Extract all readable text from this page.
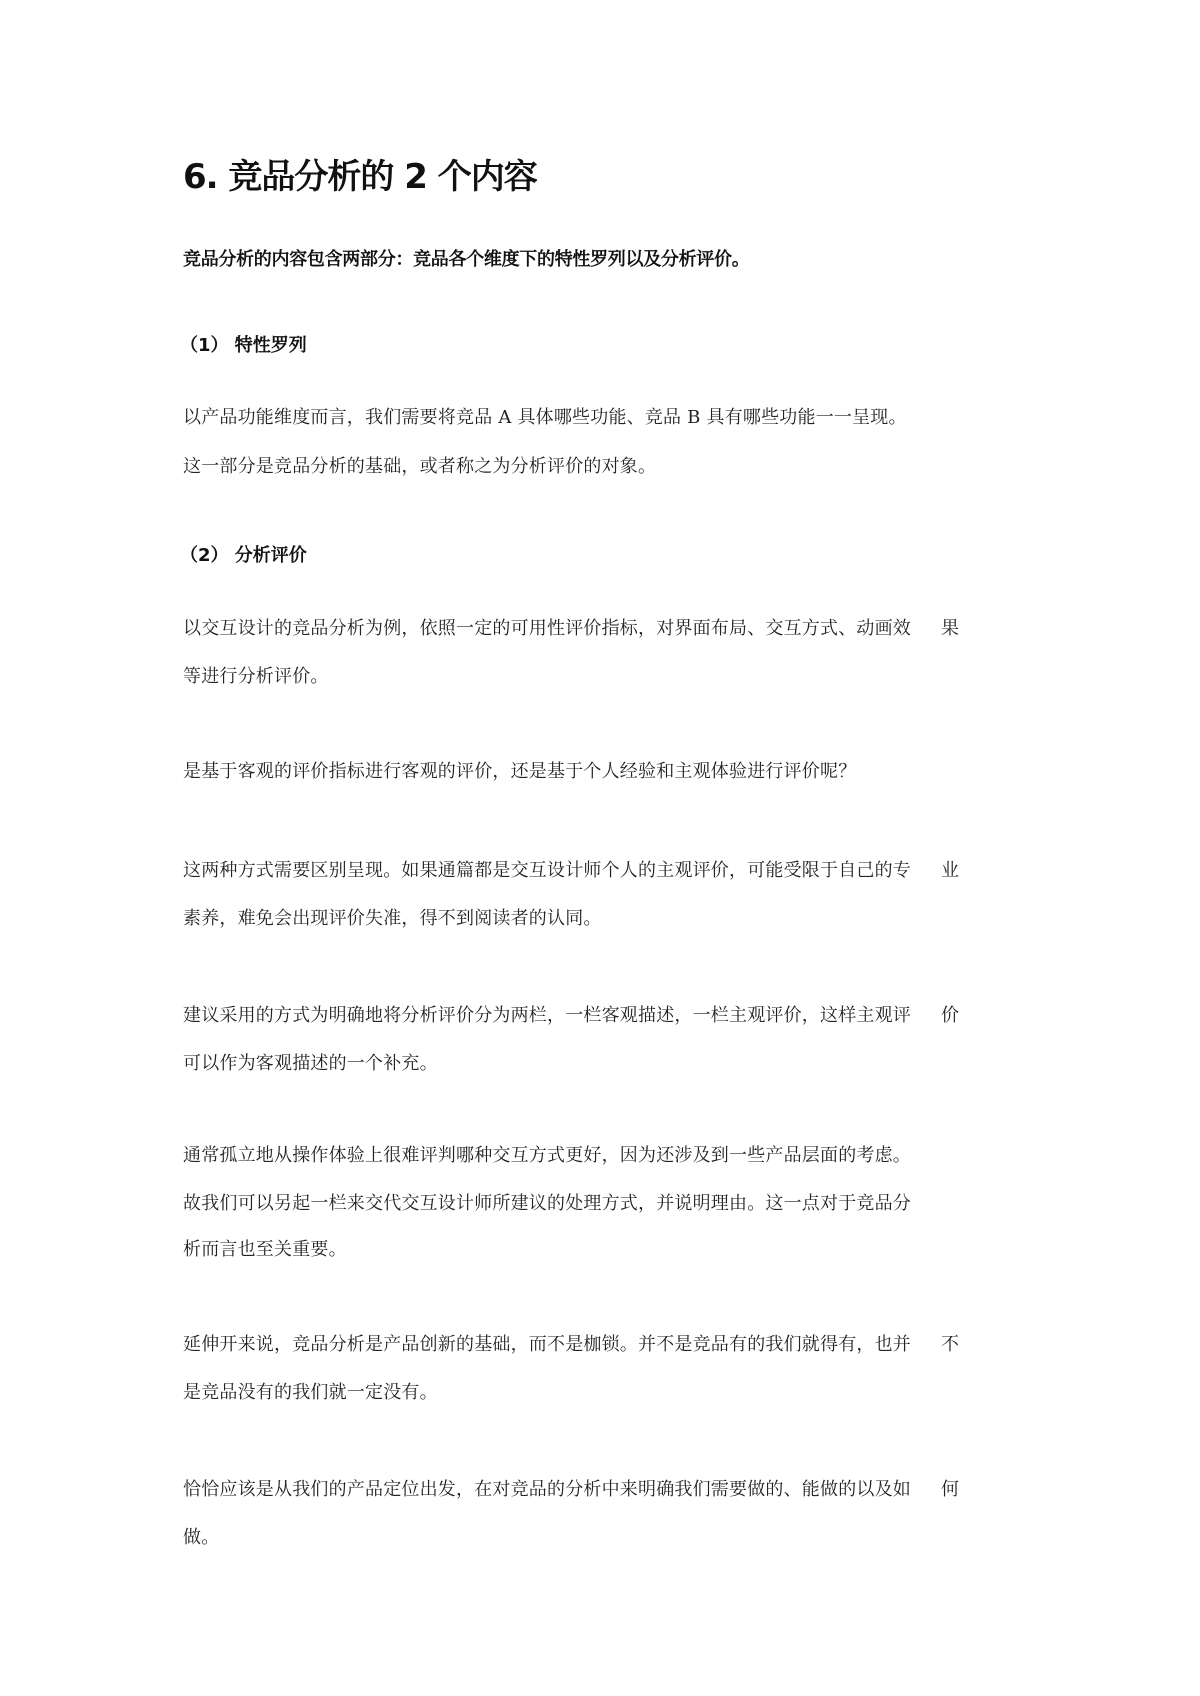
6. 竞品分析的 2 个内容
竞品分析的内容包含两部分：竞品各个维度下的特性罗列以及分析评价。
（1） 特性罗列
以产品功能维度而言，我们需要将竞品 A 具体哪些功能、竞品 B 具有哪些功能一一呈现。
这一部分是竞品分析的基础，或者称之为分析评价的对象。
（2） 分析评价
以交互设计的竞品分析为例，依照一定的可用性评价指标，对界面布局、交互方式、动画效 果
等进行分析评价。
是基于客观的评价指标进行客观的评价，还是基于个人经验和主观体验进行评价呢？
这两种方式需要区别呈现。如果通篇都是交互设计师个人的主观评价，可能受限于自己的专 业
素养，难免会出现评价失准，得不到阅读者的认同。
建议采用的方式为明确地将分析评价分为两栏，一栏客观描述，一栏主观评价，这样主观评 价
可以作为客观描述的一个补充。
通常孤立地从操作体验上很难评判哪种交互方式更好，因为还涉及到一些产品层面的考虑。
故我们可以另起一栏来交代交互设计师所建议的处理方式，并说明理由。这一点对于竞品分
析而言也至关重要。
延伸开来说，竞品分析是产品创新的基础，而不是枷锁。并不是竞品有的我们就得有，也并 不
是竞品没有的我们就一定没有。
恰恰应该是从我们的产品定位出发，在对竞品的分析中来明确我们需要做的、能做的以及如 何
做。
